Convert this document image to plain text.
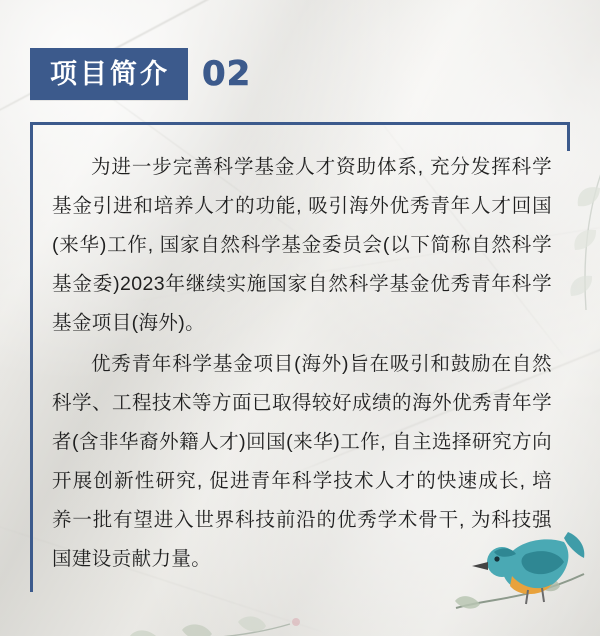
项目简介 02

为进一步完善科学基金人才资助体系, 充分发挥科学基金引进和培养人才的功能, 吸引海外优秀青年人才回国(来华)工作, 国家自然科学基金委员会(以下简称自然科学基金委)2023年继续实施国家自然科学基金优秀青年科学基金项目(海外)。

优秀青年科学基金项目(海外)旨在吸引和鼓励在自然科学、工程技术等方面已取得较好成绩的海外优秀青年学者(含非华裔外籍人才)回国(来华)工作, 自主选择研究方向开展创新性研究, 促进青年科学技术人才的快速成长, 培养一批有望进入世界科技前沿的优秀学术骨干, 为科技强国建设贡献力量。
